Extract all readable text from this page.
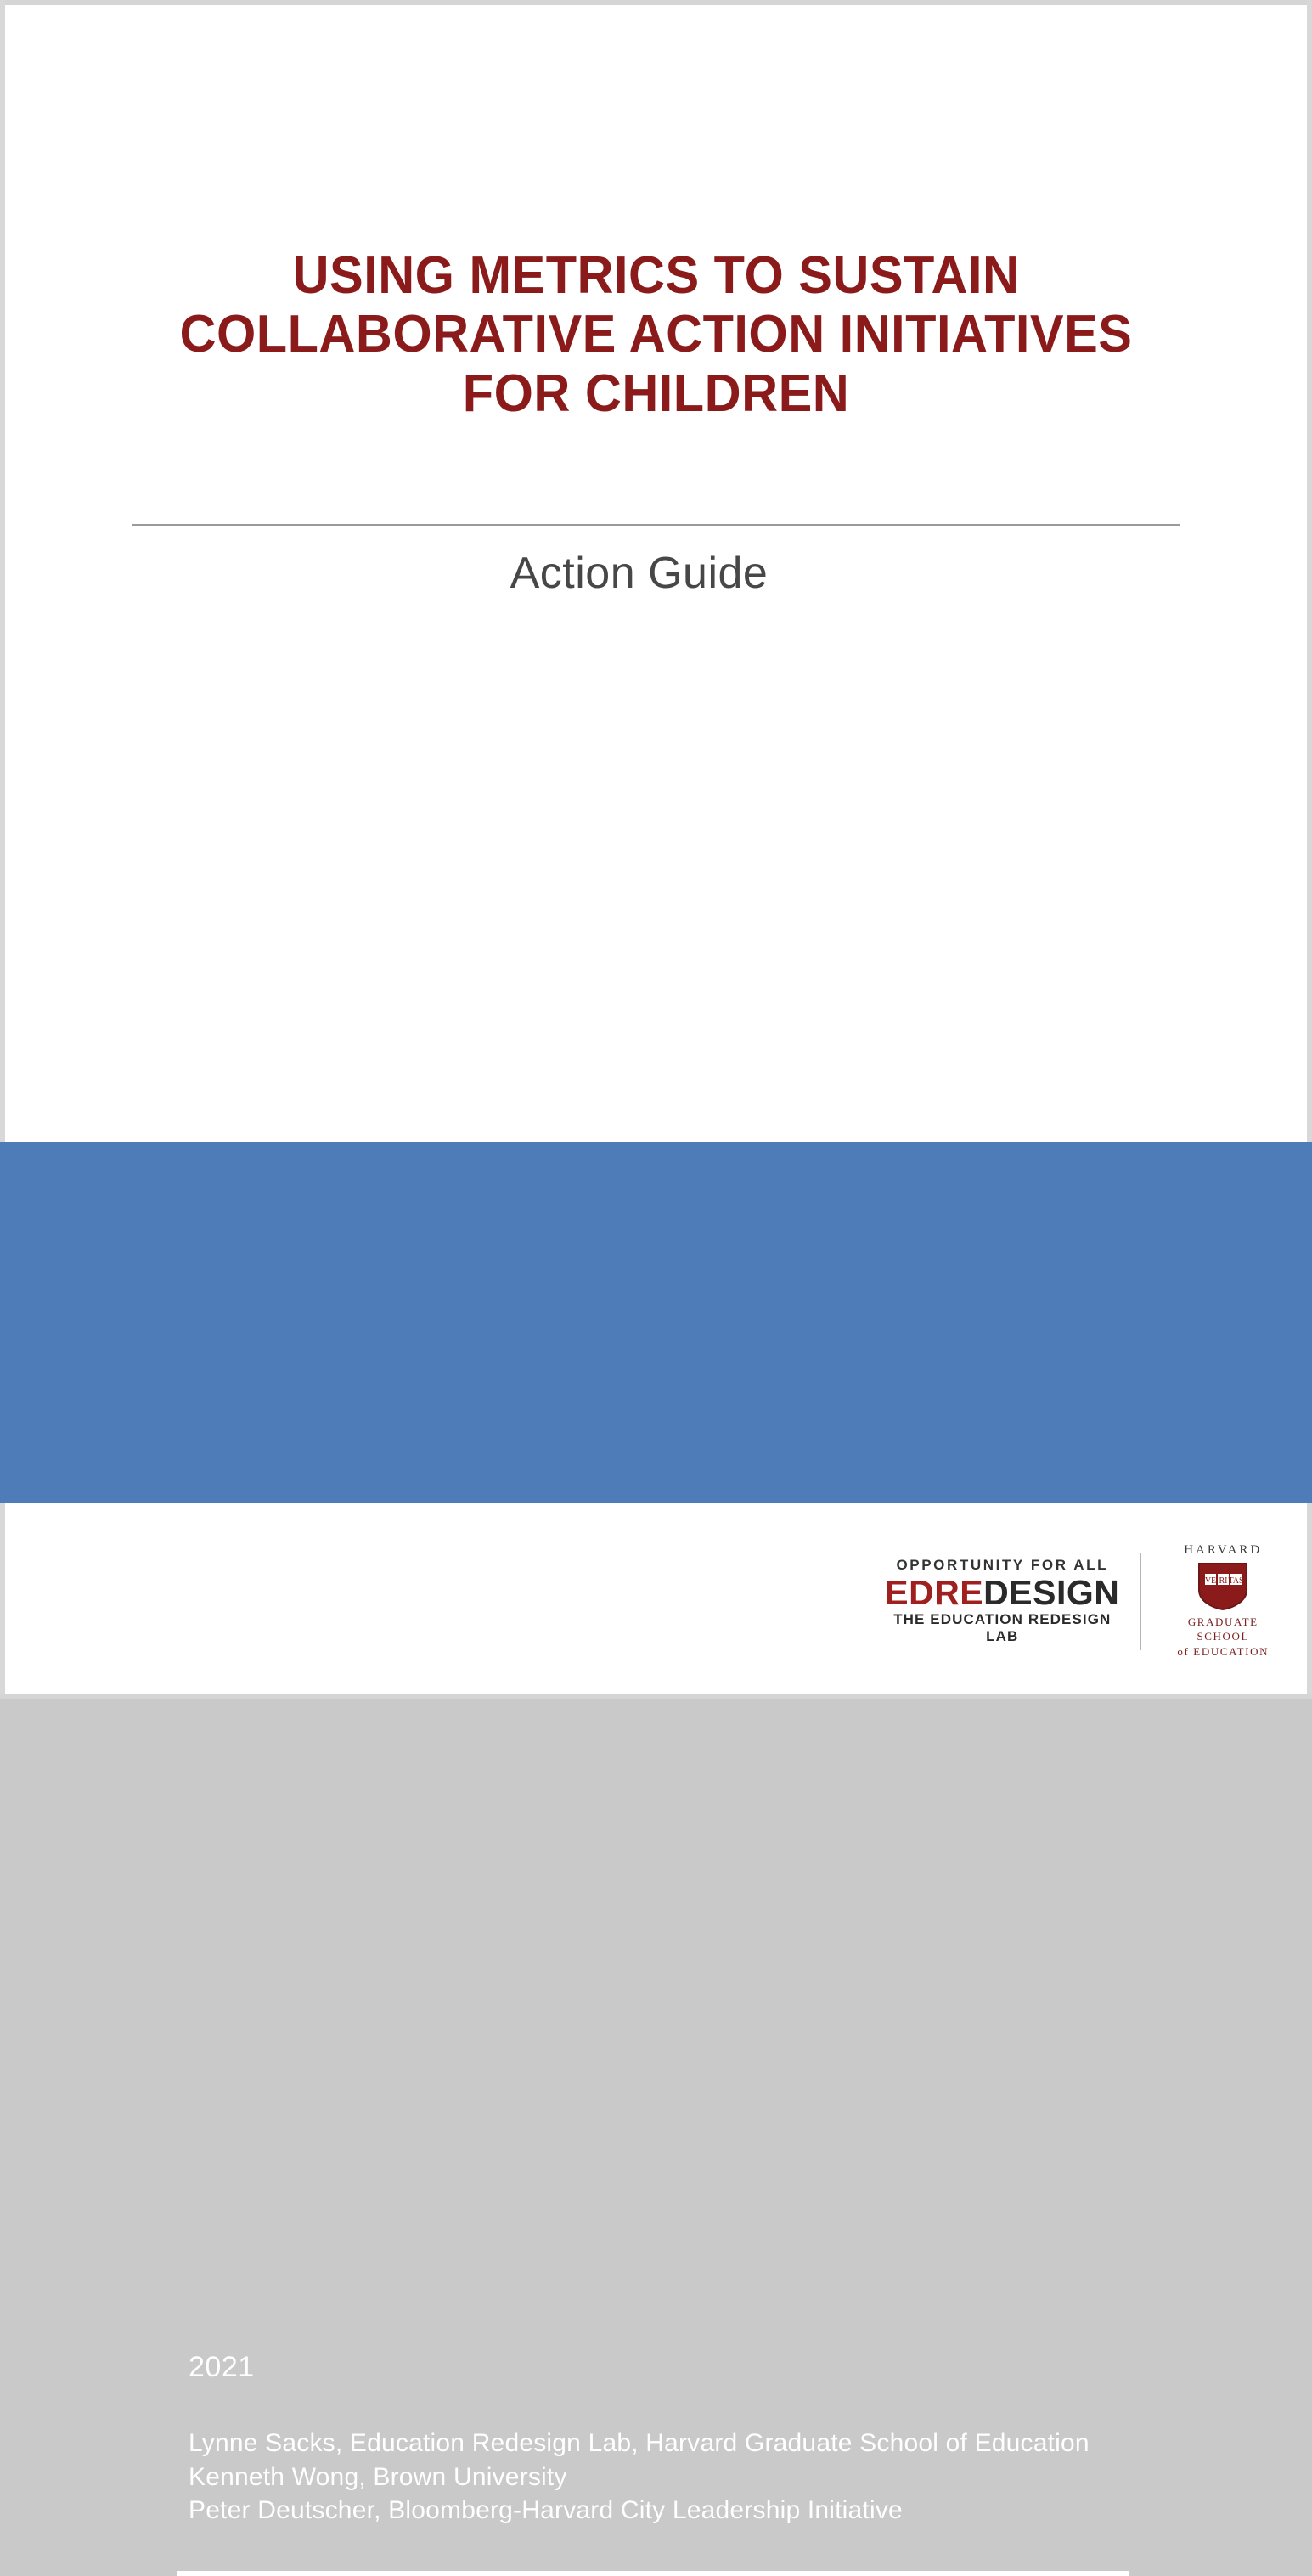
USING METRICS TO SUSTAIN COLLABORATIVE ACTION INITIATIVES FOR CHILDREN
Action Guide
2021
Lynne Sacks, Education Redesign Lab, Harvard Graduate School of Education
Kenneth Wong, Brown University
Peter Deutscher, Bloomberg-Harvard City Leadership Initiative
OPPORTUNITY FOR ALL
EDREDESIGN
THE EDUCATION REDESIGN LAB
HARVARD
VE RI TAS
GRADUATE SCHOOL
of EDUCATION
